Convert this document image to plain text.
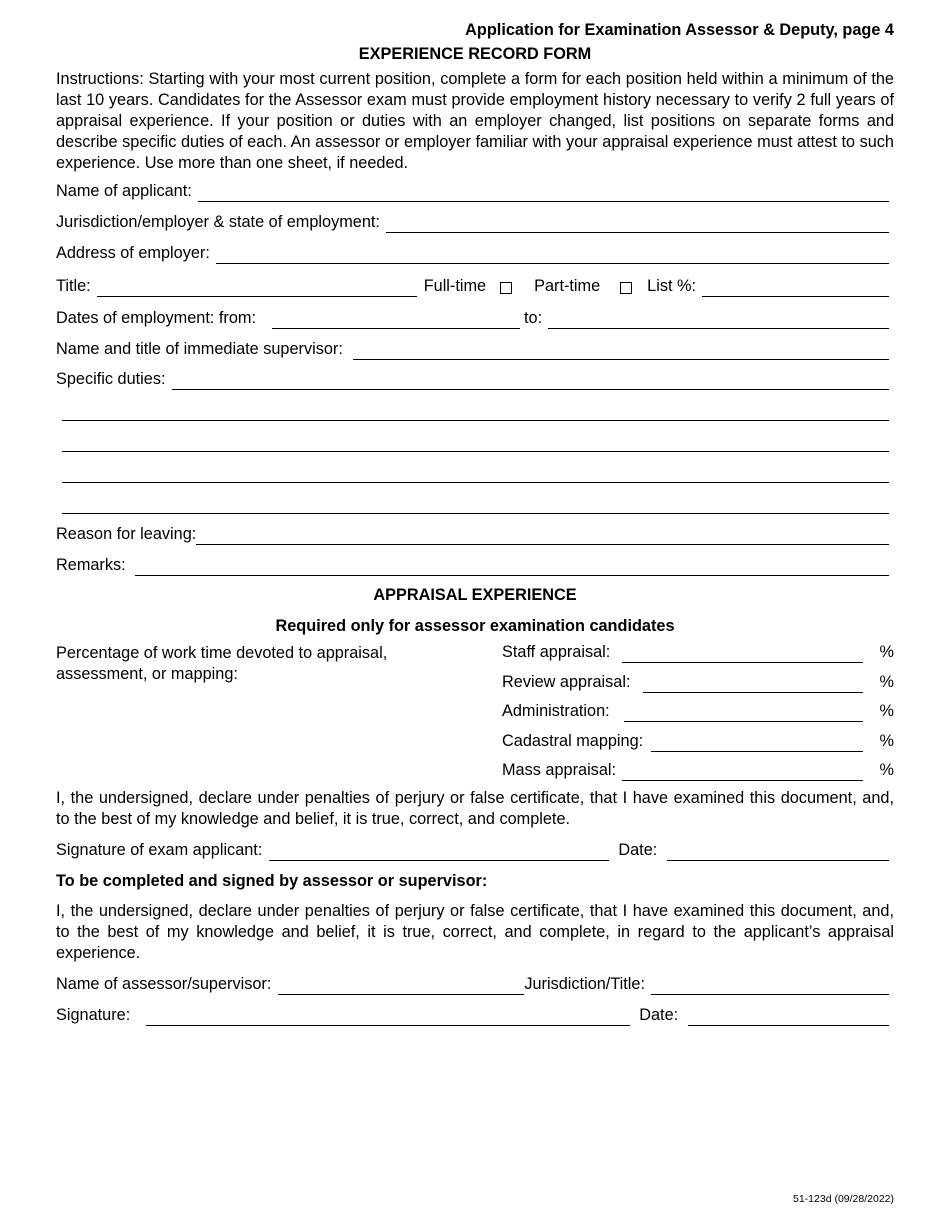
Application for Examination Assessor & Deputy, page 4
EXPERIENCE RECORD FORM
Instructions: Starting with your most current position, complete a form for each position held within a minimum of the last 10 years. Candidates for the Assessor exam must provide employment history necessary to verify 2 full years of appraisal experience. If your position or duties with an employer changed, list positions on separate forms and describe specific duties of each. An assessor or employer familiar with your appraisal experience must attest to such experience. Use more than one sheet, if needed.
Name of applicant:
Jurisdiction/employer & state of employment:
Address of employer:
Title:	Full-time	Part-time	List %:
Dates of employment: from:	to:
Name and title of immediate supervisor:
Specific duties:
Reason for leaving:
Remarks:
APPRAISAL EXPERIENCE
Required only for assessor examination candidates
Percentage of work time devoted to appraisal, assessment, or mapping:
Staff appraisal:	%
Review appraisal:	%
Administration:	%
Cadastral mapping:	%
Mass appraisal:	%
I, the undersigned, declare under penalties of perjury or false certificate, that I have examined this document, and, to the best of my knowledge and belief, it is true, correct, and complete.
Signature of exam applicant:	Date:
To be completed and signed by assessor or supervisor:
I, the undersigned, declare under penalties of perjury or false certificate, that I have examined this document, and, to the best of my knowledge and belief, it is true, correct, and complete, in regard to the applicant’s appraisal experience.
Name of assessor/supervisor:	Jurisdiction/Title:
Signature:	Date:
51-123d (09/28/2022)
